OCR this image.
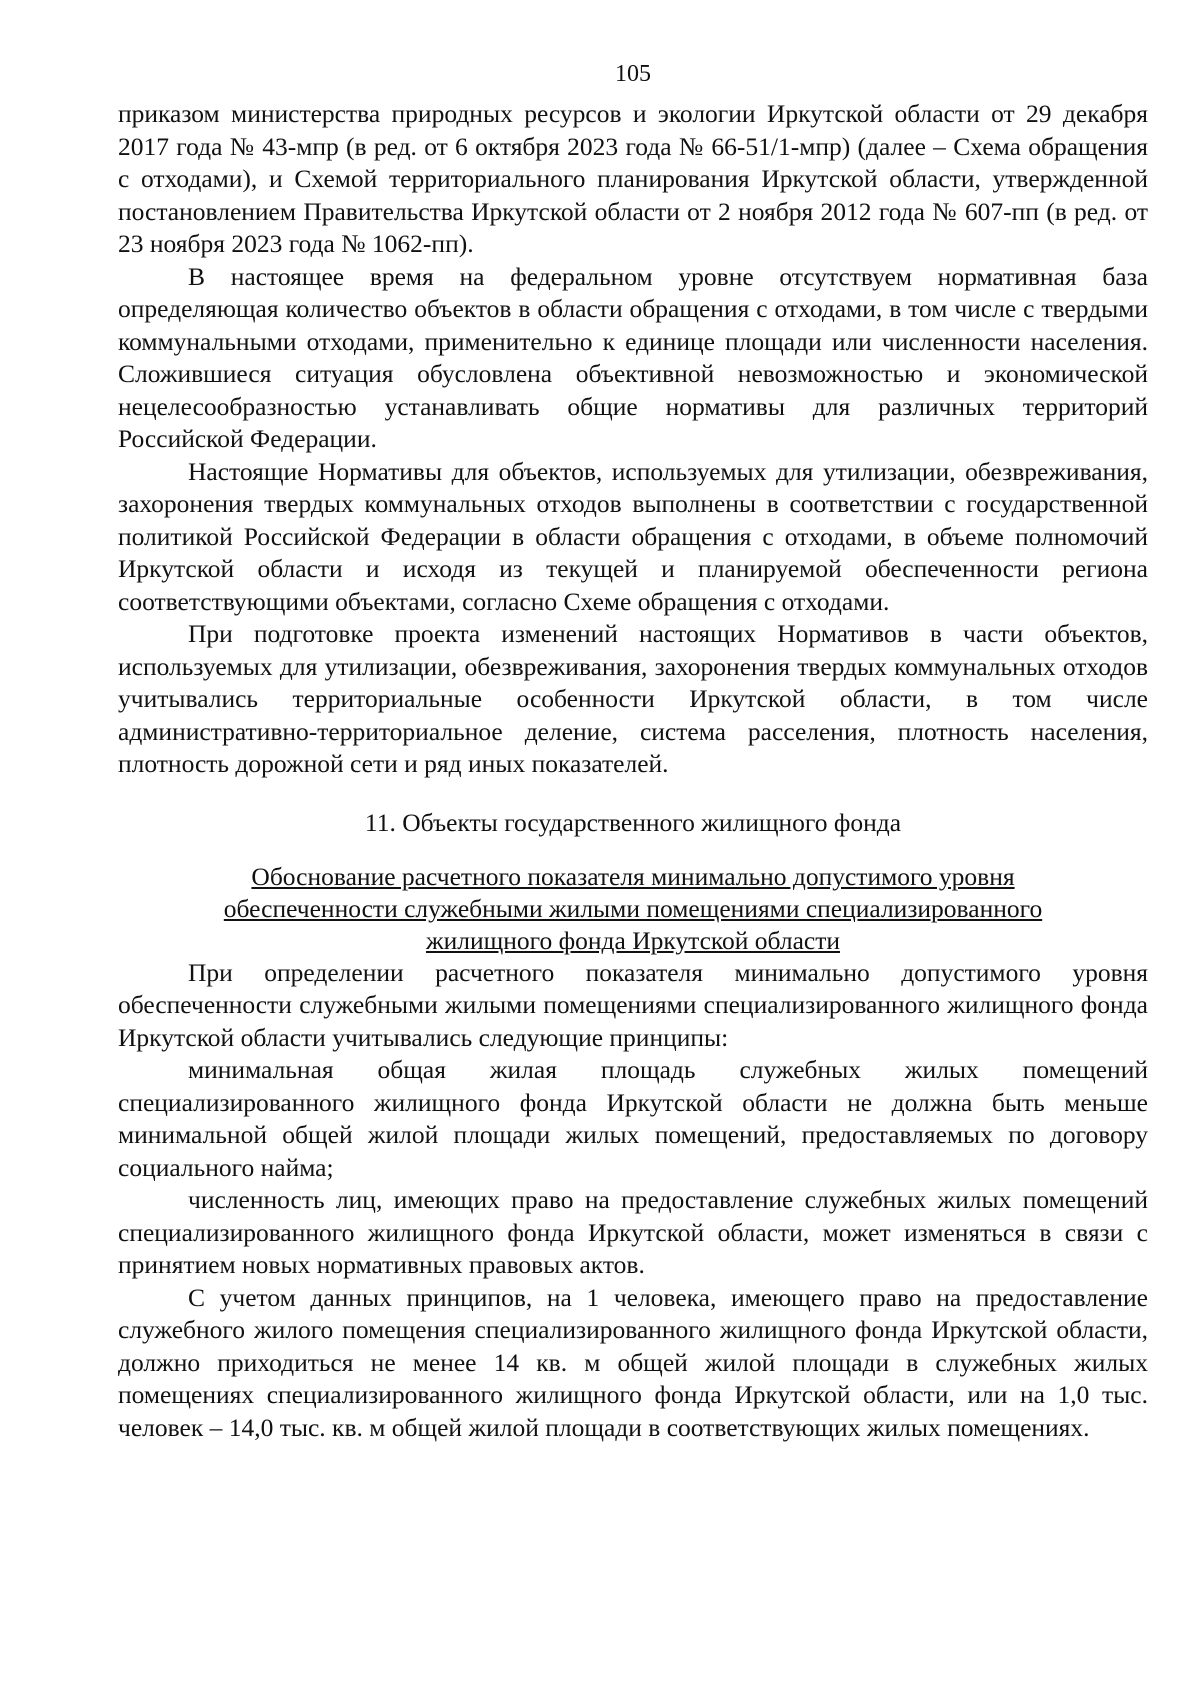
105

приказом министерства природных ресурсов и экологии Иркутской области от 29 декабря 2017 года № 43-мпр (в ред. от 6 октября 2023 года № 66-51/1-мпр) (далее – Схема обращения с отходами), и Схемой территориального планирования Иркутской области, утвержденной постановлением Правительства Иркутской области от 2 ноября 2012 года № 607-пп (в ред. от 23 ноября 2023 года № 1062-пп).

В настоящее время на федеральном уровне отсутствуем нормативная база определяющая количество объектов в области обращения с отходами, в том числе с твердыми коммунальными отходами, применительно к единице площади или численности населения. Сложившиеся ситуация обусловлена объективной невозможностью и экономической нецелесообразностью устанавливать общие нормативы для различных территорий Российской Федерации.

Настоящие Нормативы для объектов, используемых для утилизации, обезвреживания, захоронения твердых коммунальных отходов выполнены в соответствии с государственной политикой Российской Федерации в области обращения с отходами, в объеме полномочий Иркутской области и исходя из текущей и планируемой обеспеченности региона соответствующими объектами, согласно Схеме обращения с отходами.

При подготовке проекта изменений настоящих Нормативов в части объектов, используемых для утилизации, обезвреживания, захоронения твердых коммунальных отходов учитывались территориальные особенности Иркутской области, в том числе административно-территориальное деление, система расселения, плотность населения, плотность дорожной сети и ряд иных показателей.

11. Объекты государственного жилищного фонда
Обоснование расчетного показателя минимально допустимого уровня
обеспеченности служебными жилыми помещениями специализированного
жилищного фонда Иркутской области

При определении расчетного показателя минимально допустимого уровня обеспеченности служебными жилыми помещениями специализированного жилищного фонда Иркутской области учитывались следующие принципы:

минимальная общая жилая площадь служебных жилых помещений специализированного жилищного фонда Иркутской области не должна быть меньше минимальной общей жилой площади жилых помещений, предоставляемых по договору социального найма;

численность лиц, имеющих право на предоставление служебных жилых помещений специализированного жилищного фонда Иркутской области, может изменяться в связи с принятием новых нормативных правовых актов.

С учетом данных принципов, на 1 человека, имеющего право на предоставление служебного жилого помещения специализированного жилищного фонда Иркутской области, должно приходиться не менее 14 кв. м общей жилой площади в служебных жилых помещениях специализированного жилищного фонда Иркутской области, или на 1,0 тыс. человек – 14,0 тыс. кв. м общей жилой площади в соответствующих жилых помещениях.
